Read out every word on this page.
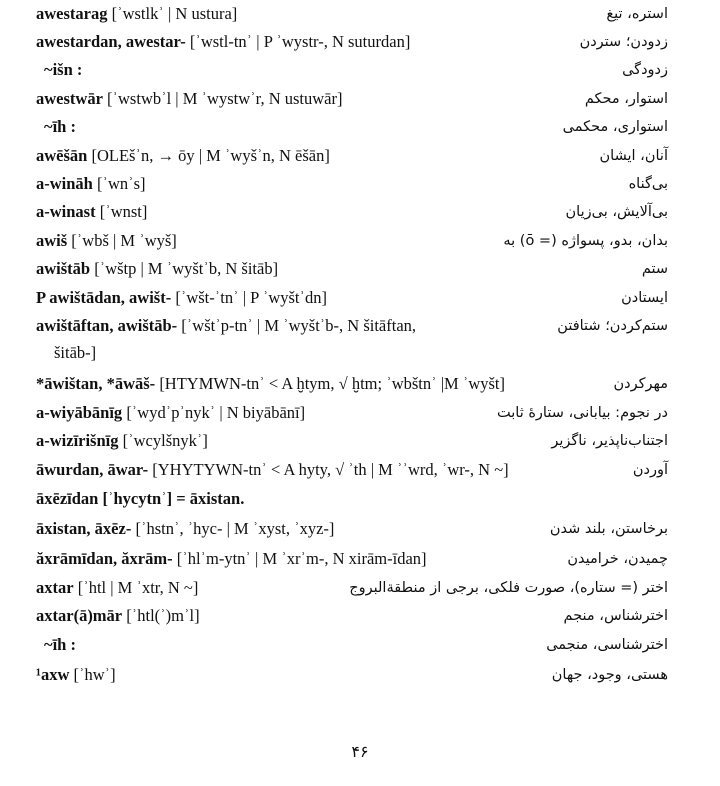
awestarag [ʾwstlkʾ | N ustura]	استره، تیغ
awestardan, awestar- [ʾwstl-tnʾ | P ʾwystr-, N suturdan]	زدودن؛ ستردن
~išn :	زدودگی
awestwār [ʾwstwbʾl | M ʾwystwʾr, N ustuwār]	استوار، محکم
~īh :	استواری، محکمی
awēšān [OLEšʾn, → ōy | M ʾwyšʾn, N ēšān]	آنان، ایشان
a-wināh [ʾwnʾs]	بی‌گناه
a-winast [ʾwnst]	بی‌آلایش، بی‌زیان
awiš [ʾwbš | M ʾwyš]	بدان، بدو، پسواژه (= ō) به
awištāb [ʾwštp | M ʾwyštʾb, N šitāb]	ستم
P awištādan, awišt- [ʾwšt-ʾtnʾ | P ʾwyštʾdn]	ایستادن
awištāftan, awištāb- [ʾwštʾp-tnʾ | M ʾwyštʾb-, N šitāftan,	ستم‌کردن؛ شتافتن
šitāb-]
*āwištan, *āwāš- [HTYMWN-tnʾ < A ḫtym, √ ḫtm; ʾwbštnʾ |M ʾwyšt]	مهرکردن
a-wiyābānīg [ʾwydʾpʾnykʾ | N biyābānī]	در نجوم: بیابانی، ستارهٔ ثابت
a-wizīrišnīg [ʾwcylšnykʾ]	اجتناب‌ناپذیر، ناگزیر
āwurdan, āwar- [YHYTYWN-tnʾ < A hyty, √ ʾth | M ʾʾwrd, ʾwr-, N ~]	آوردن
āxēzīdan [ʾhycytnʾ] = āxistan.
āxistan, āxēz- [ʾhstnʾ, ʾhyc- | M ʾxyst, ʾxyz-]	برخاستن، بلند شدن
ăxrāmīdan, ăxrām- [ʾhlʾm-ytnʾ | M ʾxrʾm-, N xirām-īdan]	چمیدن، خرامیدن
axtar [ʾhtl | M ʾxtr, N ~]	اختر (= ستاره)، صورت فلکی، برجی از منطقةالبروج
axtar(ā)mār [ʾhtl(ʾ)mʾl]	اخترشناس، منجم
~īh :	اخترشناسی، منجمی
¹axw [ʾhwʾ]	هستی، وجود، جهان
۴۶
